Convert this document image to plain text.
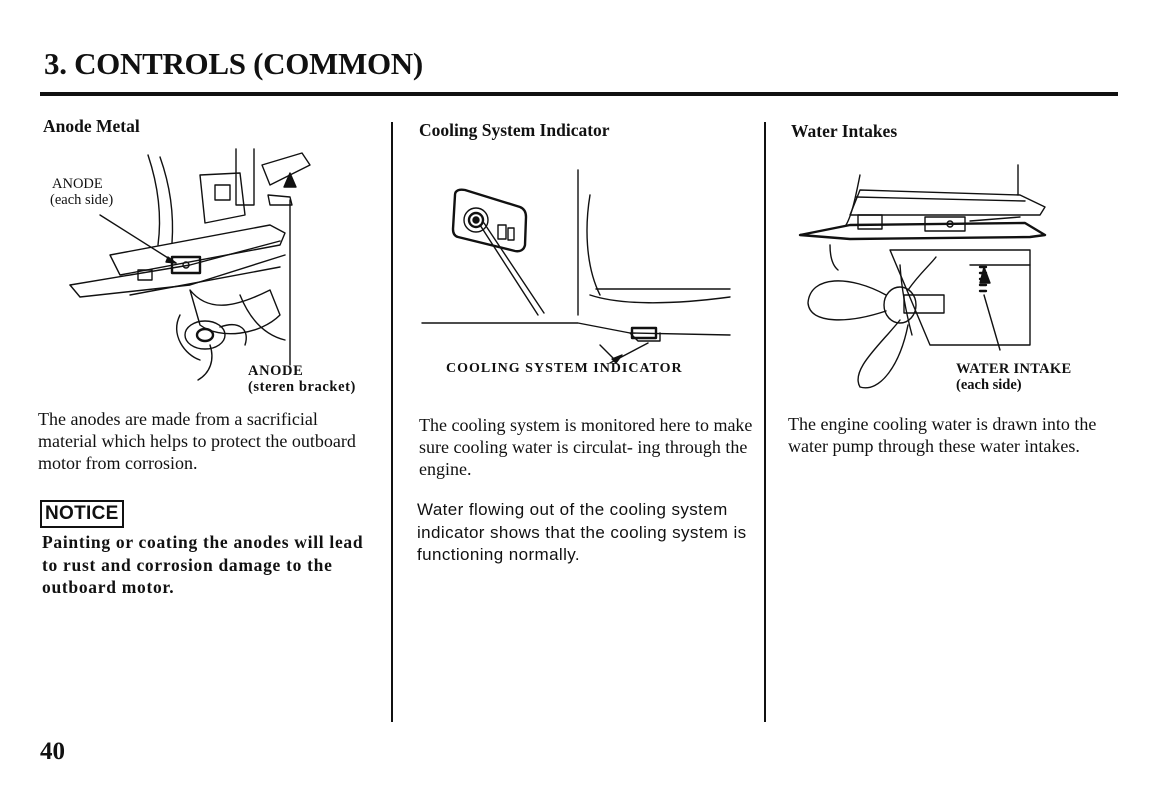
3. CONTROLS (COMMON)
Anode Metal
ANODE
(each side)
ANODE
(steren bracket)
The anodes are made from a sacrificial material which helps to protect the outboard motor from corrosion.
NOTICE
Painting or coating the anodes will lead to rust and corrosion damage to the outboard motor.
Cooling System Indicator
COOLING SYSTEM INDICATOR
The cooling system is monitored here to make sure cooling water is circulat- ing through the engine.
Water flowing out of the cooling system indicator shows that the cooling system is functioning normally.
Water Intakes
WATER INTAKE
(each side)
The engine cooling water is drawn into the water pump through these water intakes.
40
